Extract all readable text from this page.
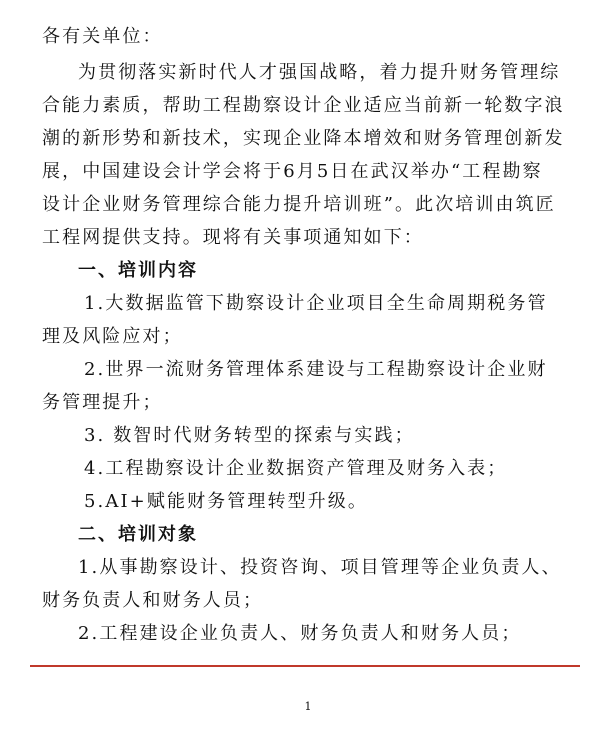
各有关单位：
为贯彻落实新时代人才强国战略，着力提升财务管理综
合能力素质，帮助工程勘察设计企业适应当前新一轮数字浪
潮的新形势和新技术，实现企业降本增效和财务管理创新发
展，中国建设会计学会将于6月5日在武汉举办“工程勘察
设计企业财务管理综合能力提升培训班”。此次培训由筑匠
工程网提供支持。现将有关事项通知如下：
一、培训内容
1.大数据监管下勘察设计企业项目全生命周期税务管
理及风险应对；
2.世界一流财务管理体系建设与工程勘察设计企业财
务管理提升；
3. 数智时代财务转型的探索与实践；
4.工程勘察设计企业数据资产管理及财务入表；
5.AI+赋能财务管理转型升级。
二、培训对象
1.从事勘察设计、投资咨询、项目管理等企业负责人、
财务负责人和财务人员；
2.工程建设企业负责人、财务负责人和财务人员；
1
